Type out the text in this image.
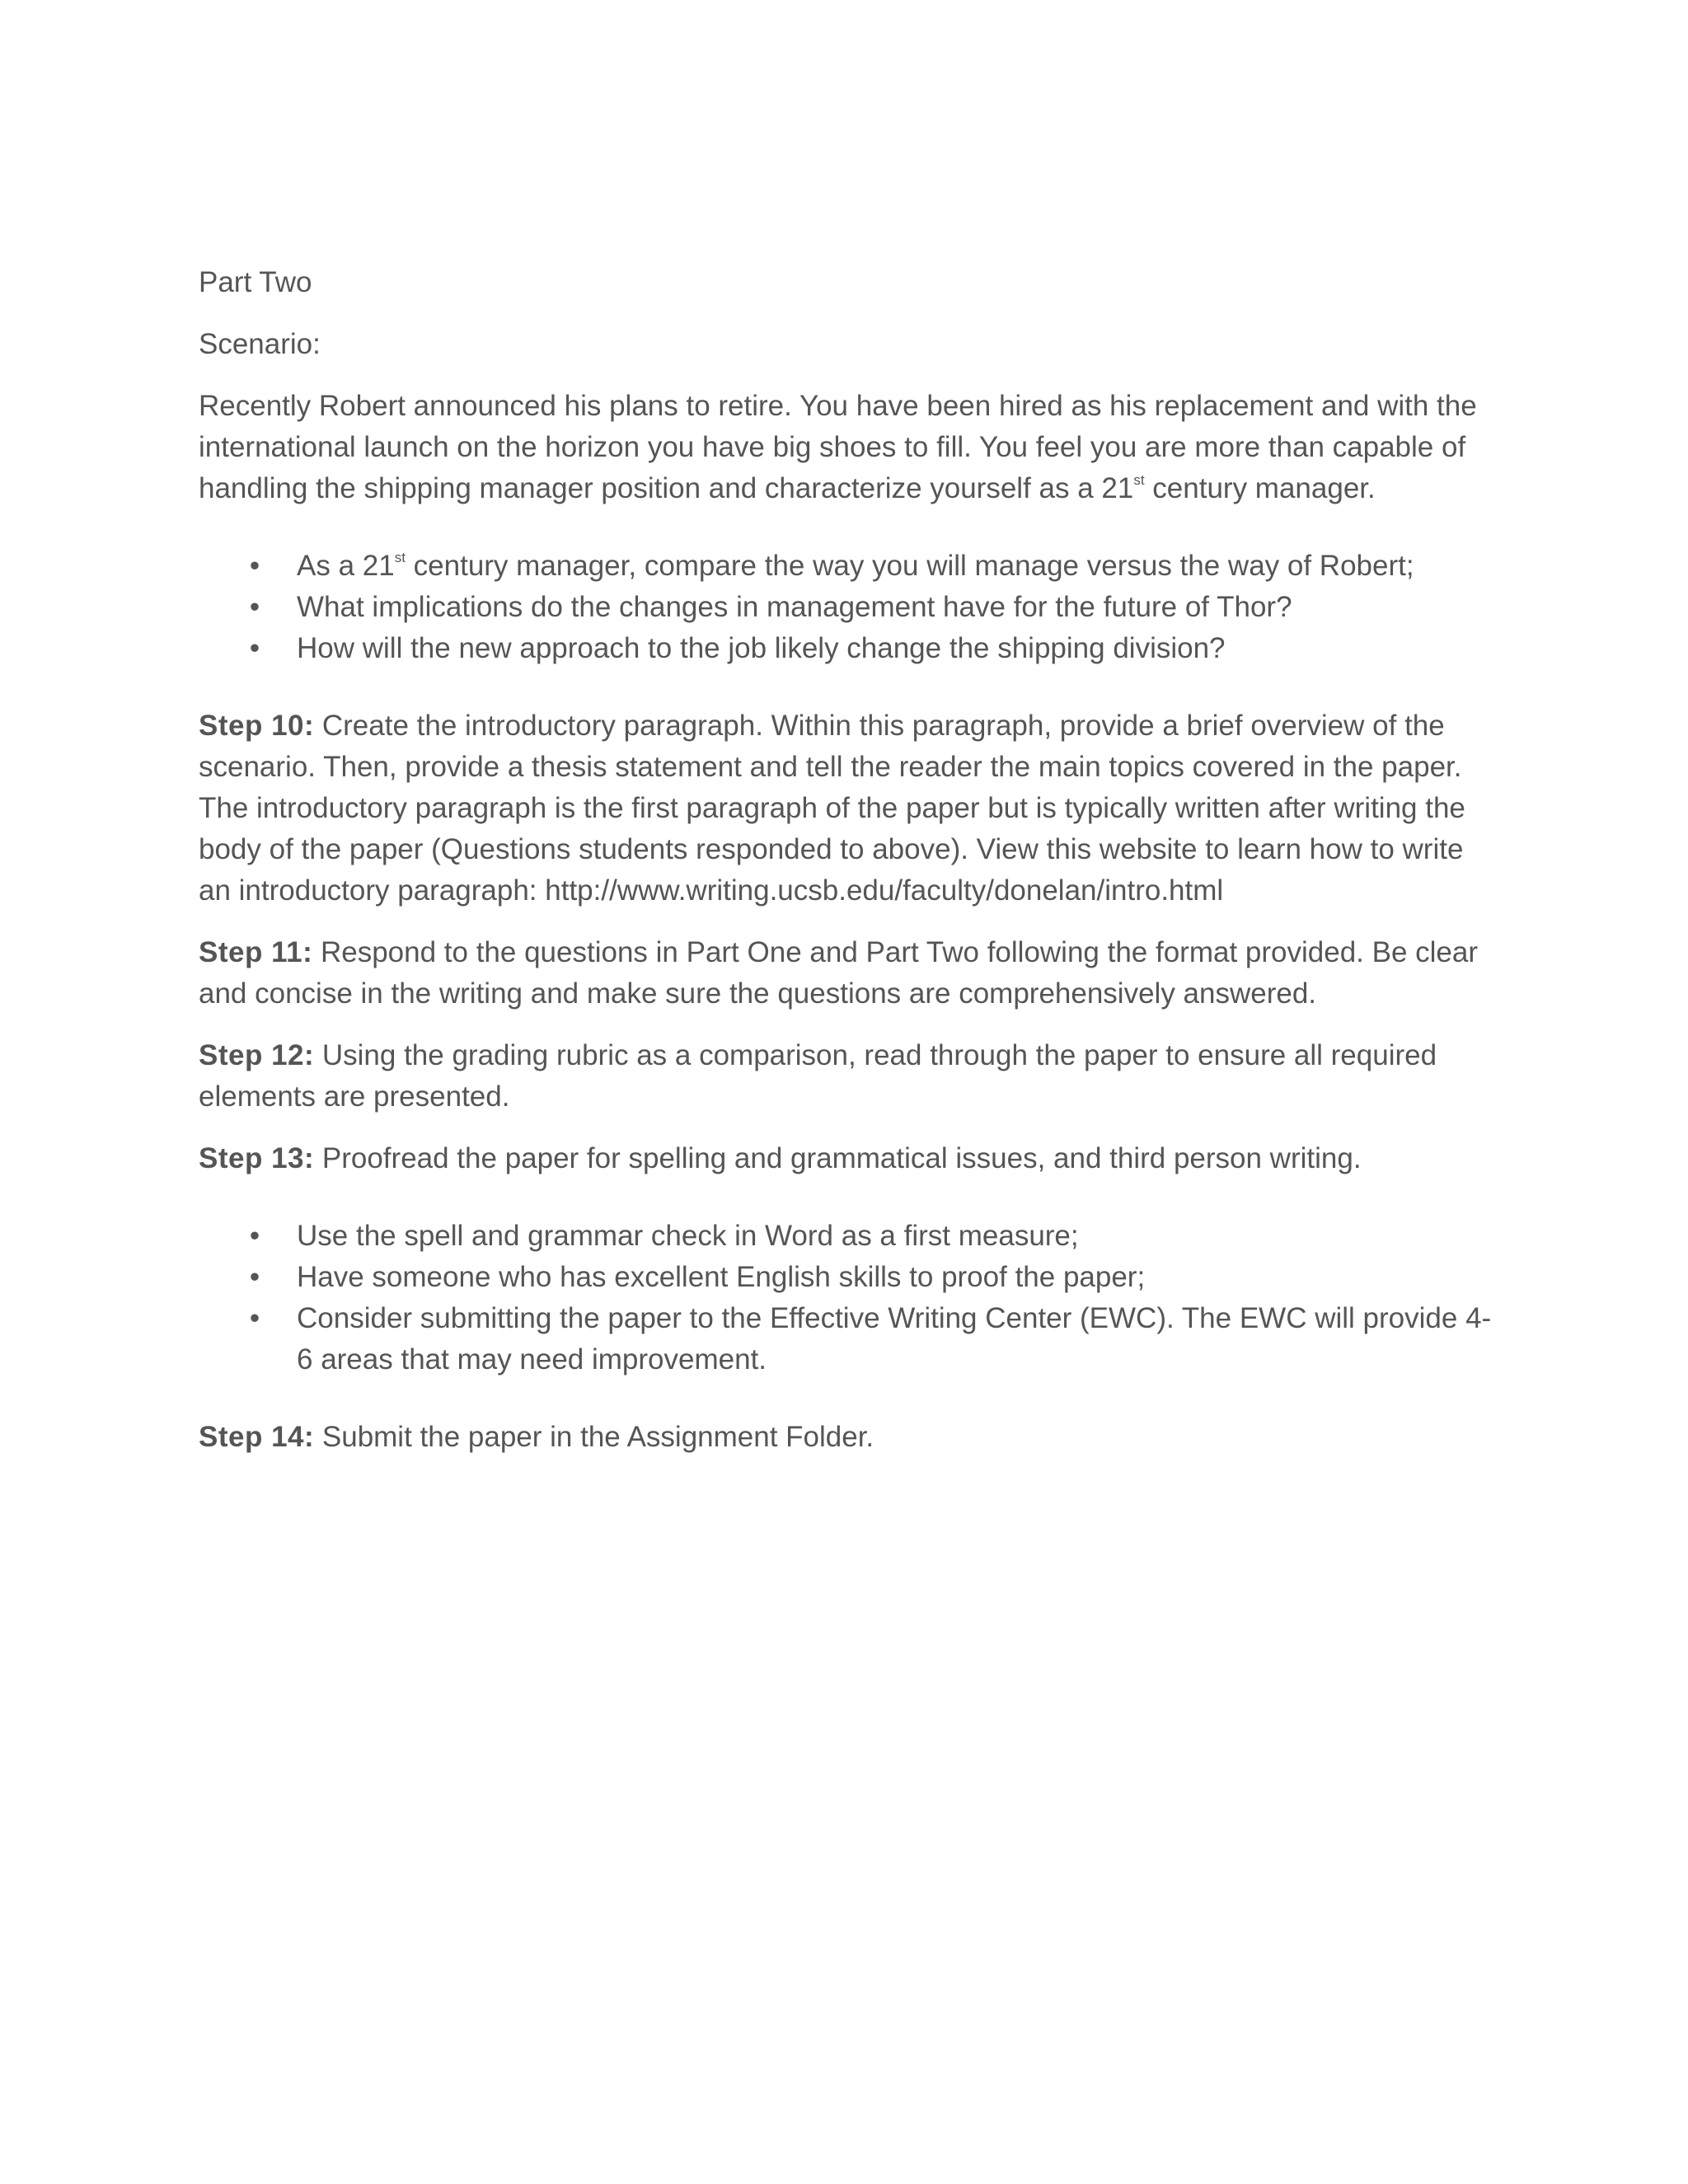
Part Two

Scenario:

Recently Robert announced his plans to retire. You have been hired as his replacement and with the international launch on the horizon you have big shoes to fill. You feel you are more than capable of handling the shipping manager position and characterize yourself as a 21st century manager.

• As a 21st century manager, compare the way you will manage versus the way of Robert;
• What implications do the changes in management have for the future of Thor?
• How will the new approach to the job likely change the shipping division?

Step 10: Create the introductory paragraph. Within this paragraph, provide a brief overview of the scenario. Then, provide a thesis statement and tell the reader the main topics covered in the paper. The introductory paragraph is the first paragraph of the paper but is typically written after writing the body of the paper (Questions students responded to above). View this website to learn how to write an introductory paragraph: http://www.writing.ucsb.edu/faculty/donelan/intro.html

Step 11: Respond to the questions in Part One and Part Two following the format provided. Be clear and concise in the writing and make sure the questions are comprehensively answered.

Step 12: Using the grading rubric as a comparison, read through the paper to ensure all required elements are presented.

Step 13: Proofread the paper for spelling and grammatical issues, and third person writing.

• Use the spell and grammar check in Word as a first measure;
• Have someone who has excellent English skills to proof the paper;
• Consider submitting the paper to the Effective Writing Center (EWC). The EWC will provide 4-6 areas that may need improvement.

Step 14: Submit the paper in the Assignment Folder.
